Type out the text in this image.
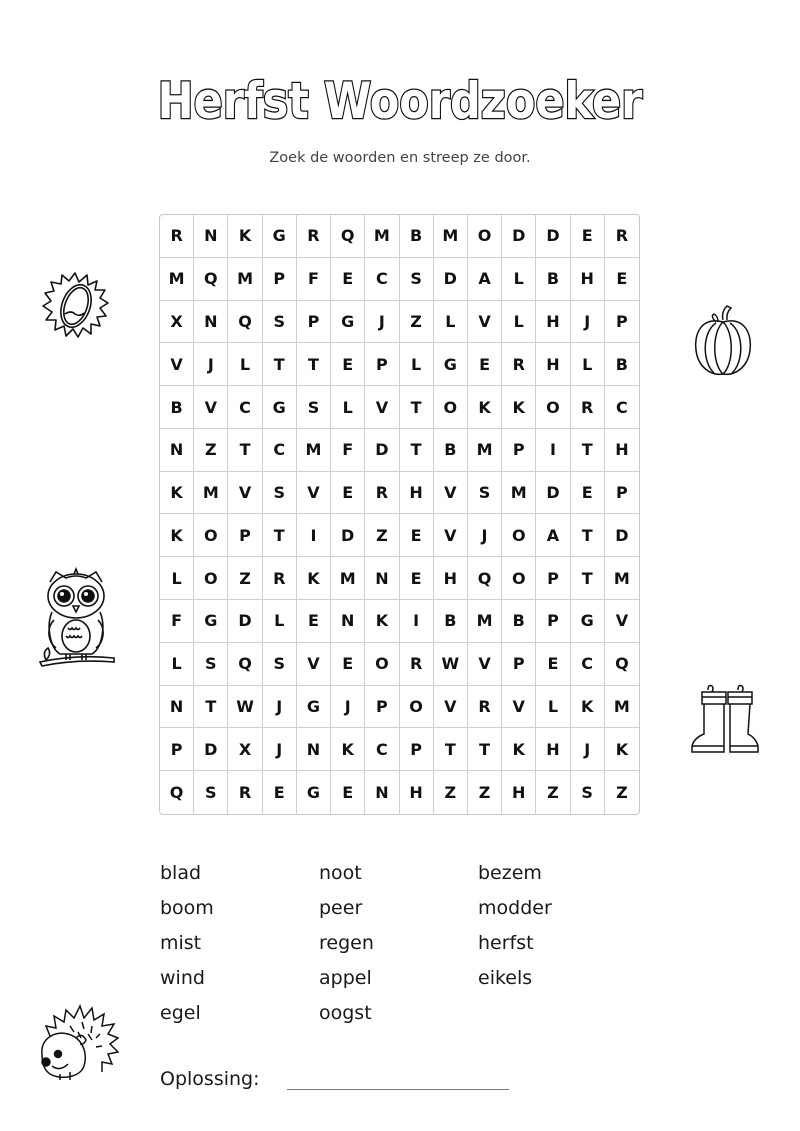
Herfst Woordzoeker
Zoek de woorden en streep ze door.
R	N	K	G	R	Q	M	B	M	O	D	D	E	R
M	Q	M	P	F	E	C	S	D	A	L	B	H	E
X	N	Q	S	P	G	J	Z	L	V	L	H	J	P
V	J	L	T	T	E	P	L	G	E	R	H	L	B
B	V	C	G	S	L	V	T	O	K	K	O	R	C
N	Z	T	C	M	F	D	T	B	M	P	I	T	H
K	M	V	S	V	E	R	H	V	S	M	D	E	P
K	O	P	T	I	D	Z	E	V	J	O	A	T	D
L	O	Z	R	K	M	N	E	H	Q	O	P	T	M
F	G	D	L	E	N	K	I	B	M	B	P	G	V
L	S	Q	S	V	E	O	R	W	V	P	E	C	Q
N	T	W	J	G	J	P	O	V	R	V	L	K	M
P	D	X	J	N	K	C	P	T	T	K	H	J	K
Q	S	R	E	G	E	N	H	Z	Z	H	Z	S	Z
blad
boom
mist
wind
egel
noot
peer
regen
appel
oogst
bezem
modder
herfst
eikels
Oplossing:
